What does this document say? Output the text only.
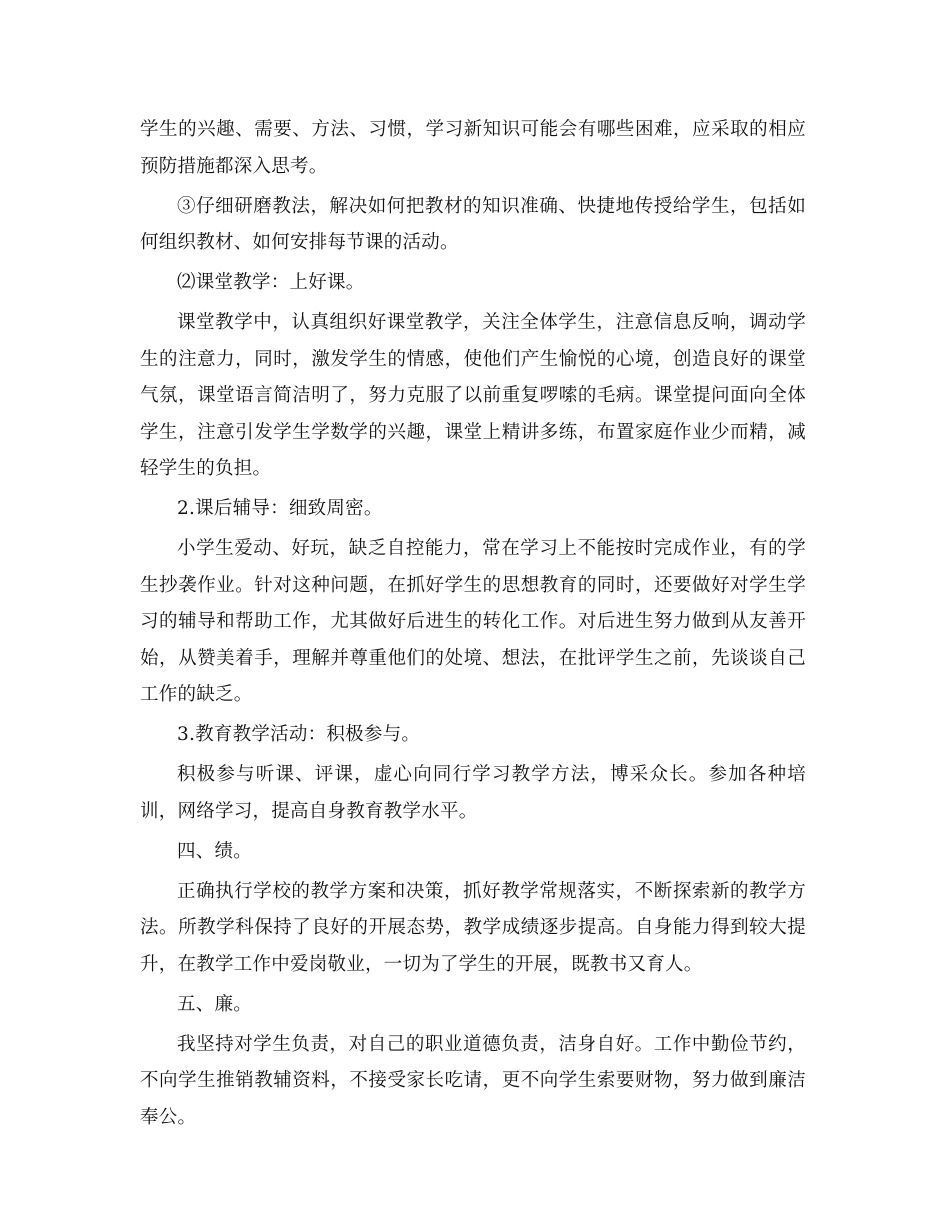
学生的兴趣、需要、方法、习惯，学习新知识可能会有哪些困难，应采取的相应预防措施都深入思考。

③仔细研磨教法，解决如何把教材的知识准确、快捷地传授给学生，包括如何组织教材、如何安排每节课的活动。

⑵课堂教学：上好课。

课堂教学中，认真组织好课堂教学，关注全体学生，注意信息反响，调动学生的注意力，同时，激发学生的情感，使他们产生愉悦的心境，创造良好的课堂气氛，课堂语言简洁明了，努力克服了以前重复啰嗦的毛病。课堂提问面向全体学生，注意引发学生学数学的兴趣，课堂上精讲多练，布置家庭作业少而精，减轻学生的负担。

2.课后辅导：细致周密。

小学生爱动、好玩，缺乏自控能力，常在学习上不能按时完成作业，有的学生抄袭作业。针对这种问题，在抓好学生的思想教育的同时，还要做好对学生学习的辅导和帮助工作，尤其做好后进生的转化工作。对后进生努力做到从友善开始，从赞美着手，理解并尊重他们的处境、想法，在批评学生之前，先谈谈自己工作的缺乏。

3.教育教学活动：积极参与。

积极参与听课、评课，虚心向同行学习教学方法，博采众长。参加各种培训，网络学习，提高自身教育教学水平。

四、绩。

正确执行学校的教学方案和决策，抓好教学常规落实，不断探索新的教学方法。所教学科保持了良好的开展态势，教学成绩逐步提高。自身能力得到较大提升，在教学工作中爱岗敬业，一切为了学生的开展，既教书又育人。

五、廉。

我坚持对学生负责，对自己的职业道德负责，洁身自好。工作中勤俭节约，不向学生推销教辅资料，不接受家长吃请，更不向学生索要财物，努力做到廉洁奉公。
